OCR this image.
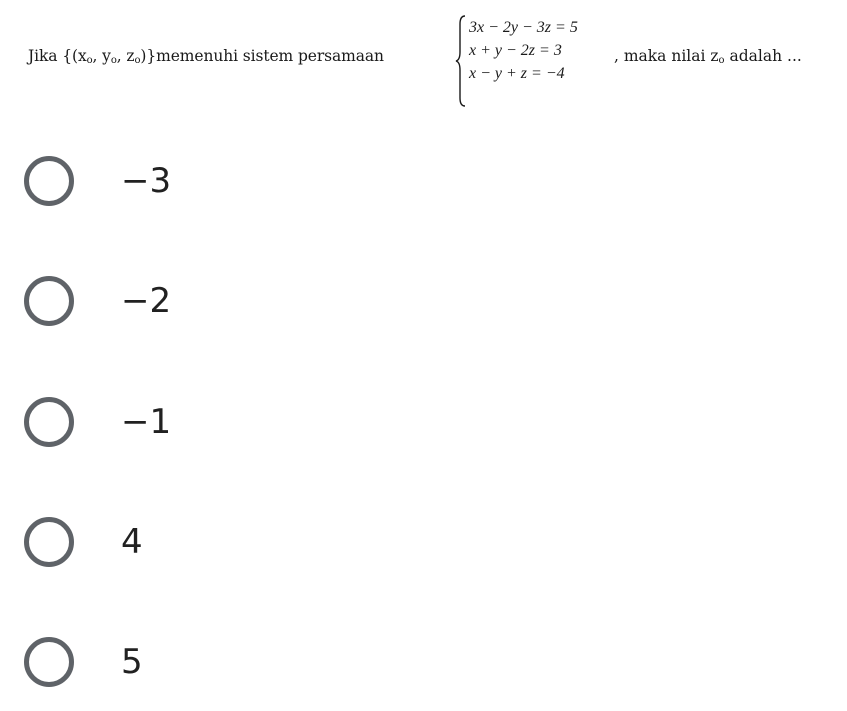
Jika {($x_o$, $y_o$, $z_o)\}memenuhi$ sistem persamaan
3x − 2y − 3z = 5
x + y − 2z = 3
x − y + z = −4
, maka nilai $z_o$ adalah ...
−3
−2
−1
4
5
